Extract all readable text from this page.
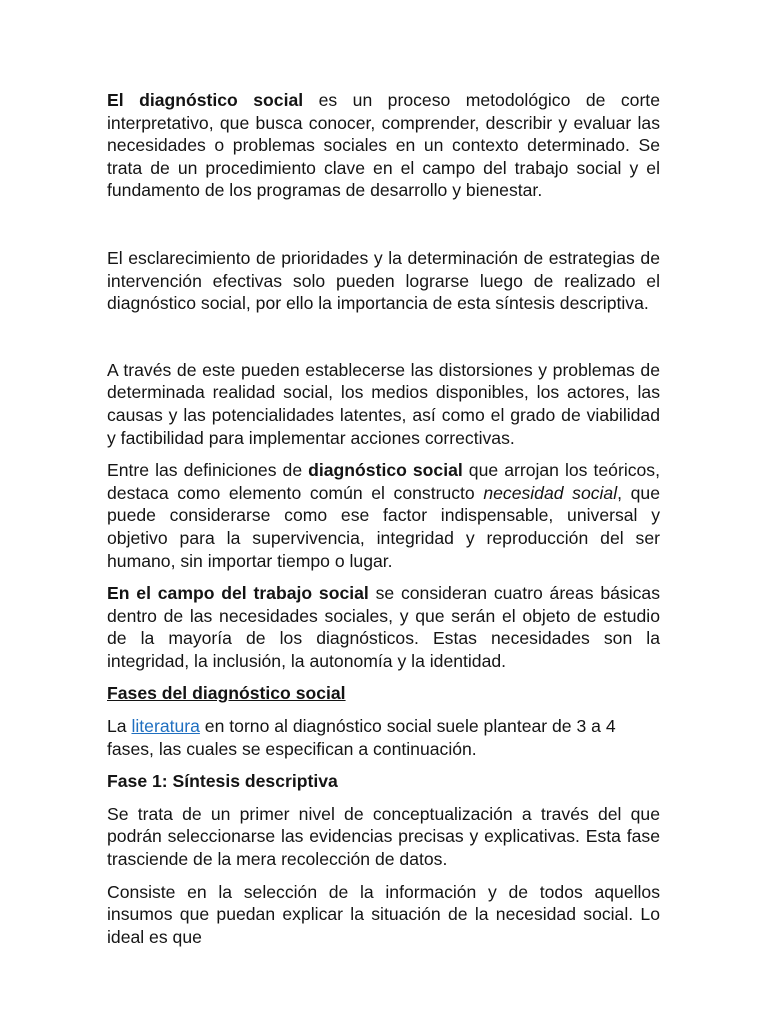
El diagnóstico social es un proceso metodológico de corte interpretativo, que busca conocer, comprender, describir y evaluar las necesidades o problemas sociales en un contexto determinado. Se trata de un procedimiento clave en el campo del trabajo social y el fundamento de los programas de desarrollo y bienestar.

El esclarecimiento de prioridades y la determinación de estrategias de intervención efectivas solo pueden lograrse luego de realizado el diagnóstico social, por ello la importancia de esta síntesis descriptiva.

A través de este pueden establecerse las distorsiones y problemas de determinada realidad social, los medios disponibles, los actores, las causas y las potencialidades latentes, así como el grado de viabilidad y factibilidad para implementar acciones correctivas.

Entre las definiciones de diagnóstico social que arrojan los teóricos, destaca como elemento común el constructo necesidad social, que puede considerarse como ese factor indispensable, universal y objetivo para la supervivencia, integridad y reproducción del ser humano, sin importar tiempo o lugar.

En el campo del trabajo social se consideran cuatro áreas básicas dentro de las necesidades sociales, y que serán el objeto de estudio de la mayoría de los diagnósticos. Estas necesidades son la integridad, la inclusión, la autonomía y la identidad.

Fases del diagnóstico social

La literatura en torno al diagnóstico social suele plantear de 3 a 4 fases, las cuales se especifican a continuación.

Fase 1: Síntesis descriptiva

Se trata de un primer nivel de conceptualización a través del que podrán seleccionarse las evidencias precisas y explicativas. Esta fase trasciende de la mera recolección de datos.

Consiste en la selección de la información y de todos aquellos insumos que puedan explicar la situación de la necesidad social. Lo ideal es que
